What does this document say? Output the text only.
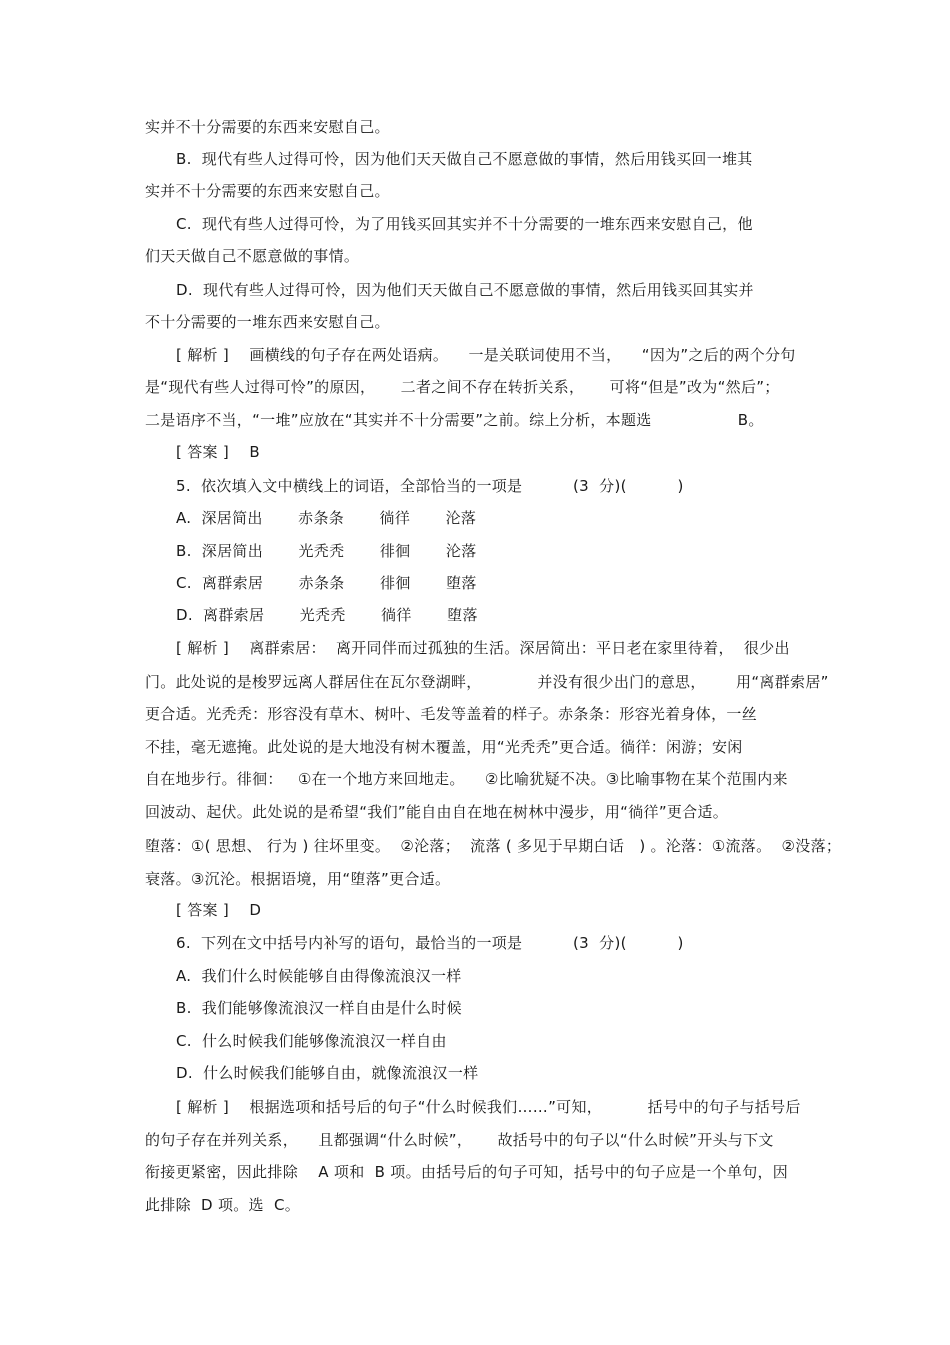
实并不十分需要的东西来安慰自己。
B.  现代有些人过得可怜，因为他们天天做自己不愿意做的事情，然后用钱买回一堆其
实并不十分需要的东西来安慰自己。
C.  现代有些人过得可怜，为了用钱买回其实并不十分需要的一堆东西来安慰自己，他
们天天做自己不愿意做的事情。
D.  现代有些人过得可怜，因为他们天天做自己不愿意做的事情，然后用钱买回其实并
不十分需要的一堆东西来安慰自己。
[ 解析 ]    画横线的句子存在两处语病。    一是关联词使用不当，    “因为”之后的两个分句
是“现代有些人过得可怜”的原因，     二者之间不存在转折关系，     可将“但是”改为“然后”；
二是语序不当，“一堆”应放在“其实并不十分需要”之前。综上分析，本题选                 B。
[ 答案 ]    B
5.  依次填入文中横线上的词语，全部恰当的一项是          (3  分)(          )
A.  深居简出       赤条条       徜徉       沦落
B.  深居简出       光秃秃       徘徊       沦落
C.  离群索居       赤条条       徘徊       堕落
D.  离群索居       光秃秃       徜徉       堕落
[ 解析 ]    离群索居：  离开同伴而过孤独的生活。深居简出：平日老在家里待着，  很少出
门。此处说的是梭罗远离人群居住在瓦尔登湖畔，           并没有很少出门的意思，      用“离群索居”
更合适。光秃秃：形容没有草木、树叶、毛发等盖着的样子。赤条条：形容光着身体，一丝
不挂，毫无遮掩。此处说的是大地没有树木覆盖，用“光秃秃”更合适。徜徉：闲游；安闲
自在地步行。徘徊：   ①在一个地方来回地走。    ②比喻犹疑不决。③比喻事物在某个范围内来
回波动、起伏。此处说的是希望“我们”能自由自在地在树林中漫步，用“徜徉”更合适。
堕落：①( 思想、 行为 ) 往坏里变。  ②沦落；  流落 ( 多见于早期白话   ) 。沦落：①流落。  ②没落；
衰落。③沉沦。根据语境，用“堕落”更合适。
[ 答案 ]    D
6.  下列在文中括号内补写的语句，最恰当的一项是          (3  分)(          )
A.  我们什么时候能够自由得像流浪汉一样
B.  我们能够像流浪汉一样自由是什么时候
C.  什么时候我们能够像流浪汉一样自由
D.  什么时候我们能够自由，就像流浪汉一样
[ 解析 ]    根据选项和括号后的句子“什么时候我们……”可知，         括号中的句子与括号后
的句子存在并列关系，    且都强调“什么时候”，     故括号中的句子以“什么时候”开头与下文
衔接更紧密，因此排除    A 项和  B 项。由括号后的句子可知，括号中的句子应是一个单句，因
此排除  D 项。选  C。
